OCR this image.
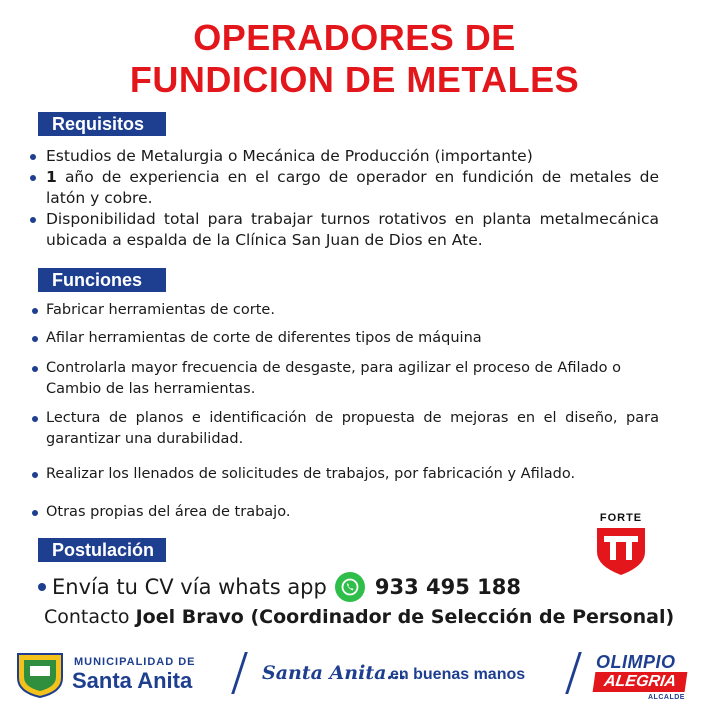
OPERADORES DE
FUNDICION DE METALES
Requisitos
Estudios de Metalurgia o Mecánica de Producción (importante)
1 año de experiencia en el cargo de operador en fundición de metales de latón y cobre.
Disponibilidad total para trabajar turnos rotativos en planta metalmecánica ubicada a espalda de la Clínica San Juan de Dios en Ate.
Funciones
Fabricar herramientas de corte.
Afilar herramientas de corte de diferentes tipos de máquina
Controlarla mayor frecuencia de desgaste, para agilizar el proceso de Afilado o Cambio de las herramientas.
Lectura de planos e identificación de propuesta de mejoras en el diseño, para garantizar una durabilidad.
Realizar los llenados de solicitudes de trabajos, por fabricación y Afilado.
Otras propias del área de trabajo.	FORTE
Postulación
Envía tu CV vía whats app 933 495 188
Contacto Joel Bravo (Coordinador de Selección de Personal)
MUNICIPALIDAD DE
Santa Anita	Santa Anita...
en buenas manos
OLIMPIO
ALEGRIA
ALCALDE
